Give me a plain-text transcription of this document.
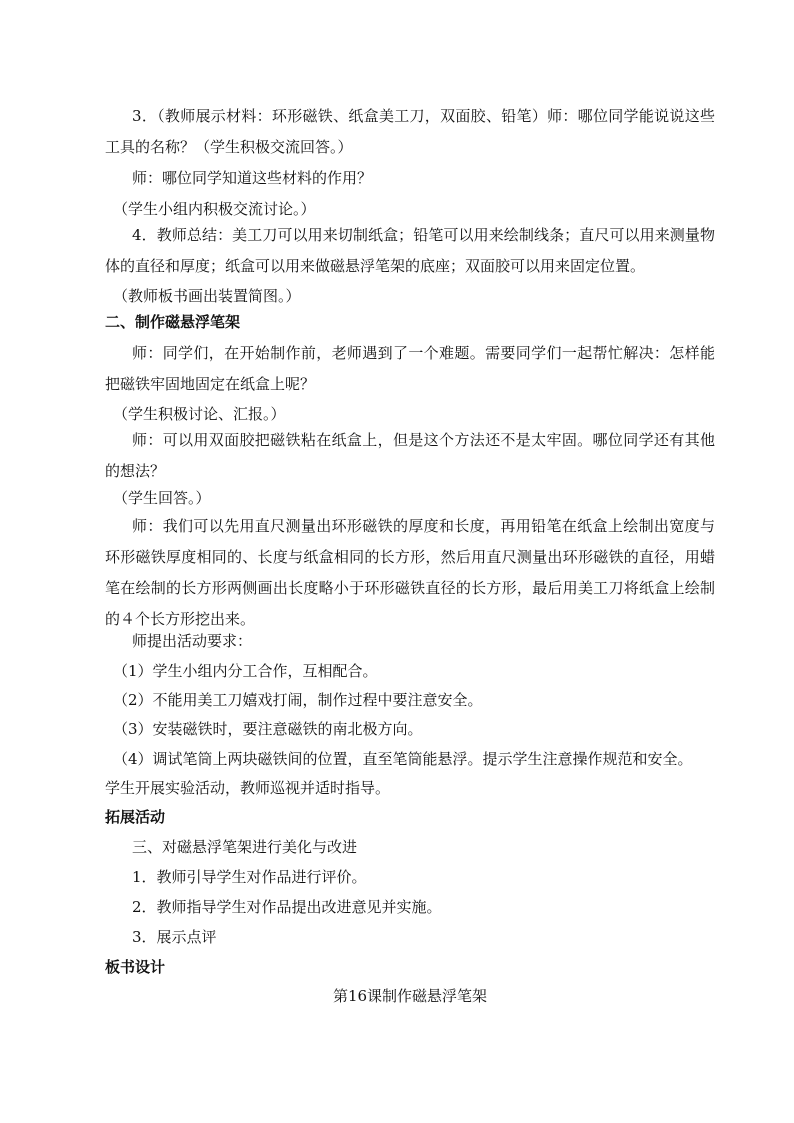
3．（教师展示材料：环形磁铁、纸盒美工刀，双面胶、铅笔）师：哪位同学能说说这些工具的名称？（学生积极交流回答。）
师：哪位同学知道这些材料的作用？
（学生小组内积极交流讨论。）
4．教师总结：美工刀可以用来切制纸盒；铅笔可以用来绘制线条；直尺可以用来测量物体的直径和厚度；纸盒可以用来做磁悬浮笔架的底座；双面胶可以用来固定位置。
（教师板书画出装置简图。）
二、制作磁悬浮笔架
师：同学们，在开始制作前，老师遇到了一个难题。需要同学们一起帮忙解决：怎样能把磁铁牢固地固定在纸盒上呢？
（学生积极讨论、汇报。）
师：可以用双面胶把磁铁粘在纸盒上，但是这个方法还不是太牢固。哪位同学还有其他的想法？
（学生回答。）
师：我们可以先用直尺测量出环形磁铁的厚度和长度，再用铅笔在纸盒上绘制出宽度与环形磁铁厚度相同的、长度与纸盒相同的长方形，然后用直尺测量出环形磁铁的直径，用蜡笔在绘制的长方形两侧画出长度略小于环形磁铁直径的长方形，最后用美工刀将纸盒上绘制的４个长方形挖出来。
师提出活动要求：
（1）学生小组内分工合作，互相配合。
（2）不能用美工刀嬉戏打闹，制作过程中要注意安全。
（3）安装磁铁时，要注意磁铁的南北极方向。
（4）调试笔筒上两块磁铁间的位置，直至笔筒能悬浮。提示学生注意操作规范和安全。
学生开展实验活动，教师巡视并适时指导。
拓展活动
三、对磁悬浮笔架进行美化与改进
1．教师引导学生对作品进行评价。
2．教师指导学生对作品提出改进意见并实施。
3．展示点评
板书设计
第16课制作磁悬浮笔架
